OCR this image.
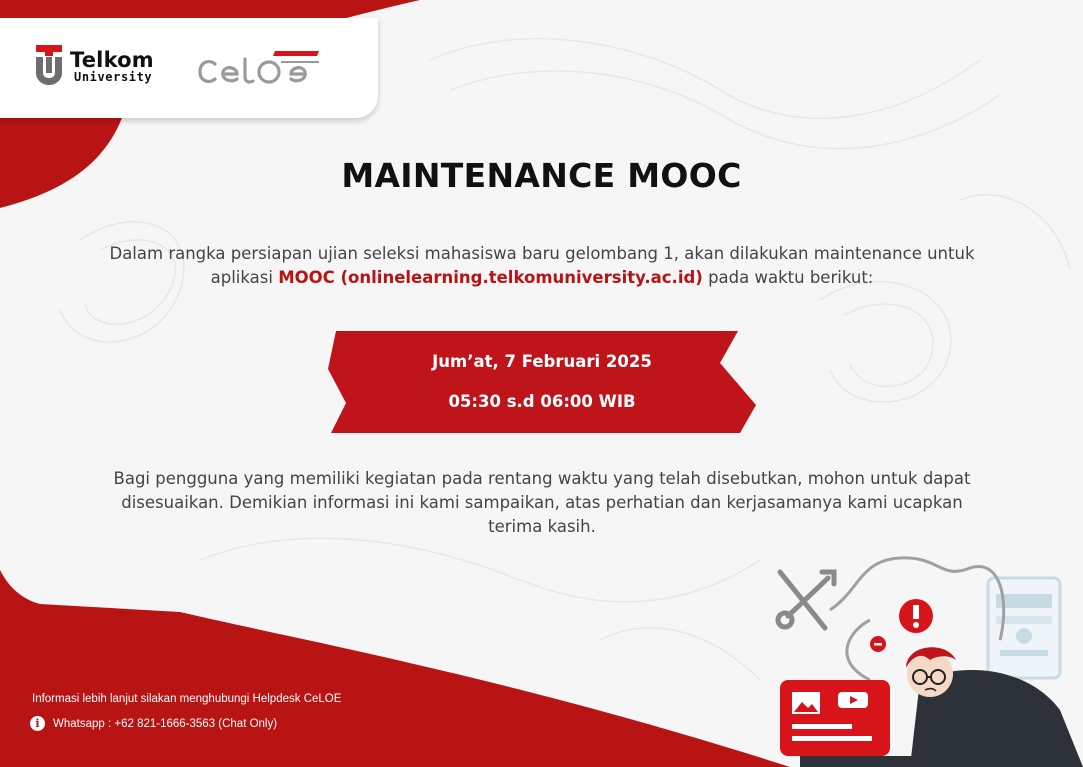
Telkom
University
MAINTENANCE MOOC
Dalam rangka persiapan ujian seleksi mahasiswa baru gelombang 1, akan dilakukan maintenance untuk aplikasi MOOC (onlinelearning.telkomuniversity.ac.id) pada waktu berikut:
Jum’at, 7 Februari 2025
05:30 s.d 06:00 WIB
Bagi pengguna yang memiliki kegiatan pada rentang waktu yang telah disebutkan, mohon untuk dapat disesuaikan. Demikian informasi ini kami sampaikan, atas perhatian dan kerjasamanya kami ucapkan terima kasih.
Informasi lebih lanjut silakan menghubungi Helpdesk CeLOE
i	Whatsapp : +62 821-1666-3563 (Chat Only)
